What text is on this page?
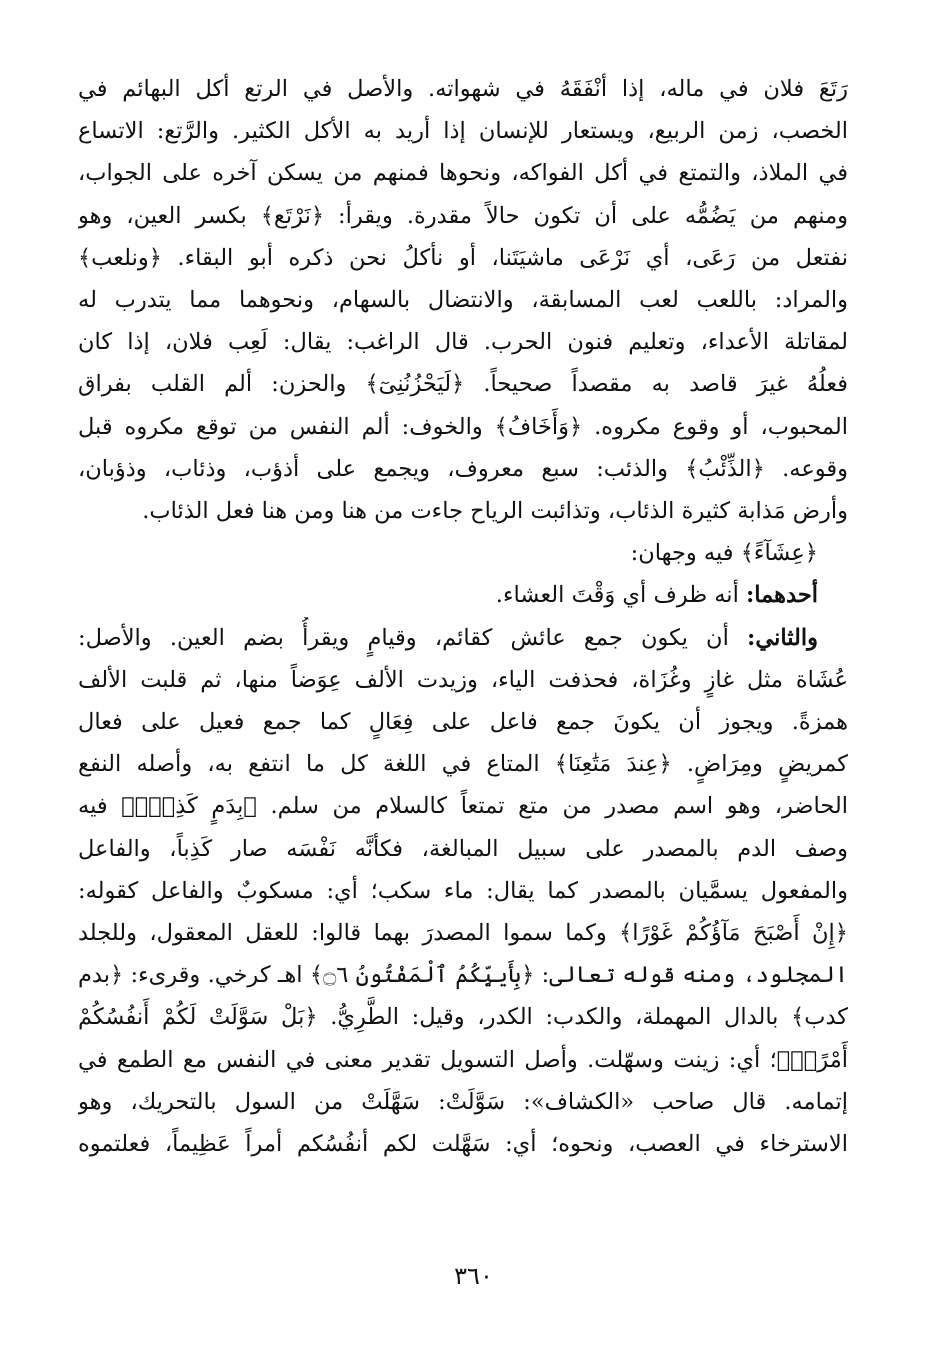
رَتَعَ فلان في ماله، إذا أنْفَقَهُ في شهواته. والأصل في الرتع أكل البهائم في
الخصب، زمن الربيع، ويستعار للإنسان إذا أريد به الأكل الكثير. والرَّتع: الاتساع
في الملاذ، والتمتع في أكل الفواكه، ونحوها فمنهم من يسكن آخره على الجواب،
ومنهم من يَضُمُّه على أن تكون حالاً مقدرة. ويقرأ: ﴿نَرْتَع﴾ بكسر العين، وهو
نفتعل من رَعَى، أي نَرْعَى ماشيَتَنا، أو نأكلُ نحن ذكره أبو البقاء. ﴿ونلعب﴾
والمراد: باللعب لعب المسابقة، والانتضال بالسهام، ونحوهما مما يتدرب له
لمقاتلة الأعداء، وتعليم فنون الحرب. قال الراغب: يقال: لَعِب فلان، إذا كان
فعلُهُ غيرَ قاصد به مقصداً صحيحاً. ﴿لَيَحْزُنُنِىٓ﴾ والحزن: ألم القلب بفراق
المحبوب، أو وقوع مكروه. ﴿وَأَخَافُ﴾ والخوف: ألم النفس من توقع مكروه قبل
وقوعه. ﴿الذِّئْبُ﴾ والذئب: سبع معروف، ويجمع على أذؤب، وذئاب، وذؤبان،
وأرض مَذابة كثيرة الذئاب، وتذائبت الرياح جاءت من هنا ومن هنا فعل الذئاب.
﴿عِشَآءً﴾ فيه وجهان:
أحدهما: أنه ظرف أي وَقْتَ العشاء.
والثاني: أن يكون جمع عائش كقائم، وقيامٍ ويقرأُ بضم العين. والأصل:
عُشَاة مثل غازٍ وغُزَاة، فحذفت الياء، وزيدت الألف عِوَضاً منها، ثم قلبت الألف
همزةً. ويجوز أن يكونَ جمع فاعل على فِعَالٍ كما جمع فعيل على فعال
كمريضٍ ومِرَاضٍ. ﴿عِندَ مَتَٰعِنَا﴾ المتاع في اللغة كل ما انتفع به، وأصله النفع
الحاضر، وهو اسم مصدر من متع تمتعاً كالسلام من سلم. ﴿بِدَمٍ كَذِبٍۚ﴾ فيه
وصف الدم بالمصدر على سبيل المبالغة، فكأنَّه نَفْسَه صار كَذِباً، والفاعل
والمفعول يسمَّيان بالمصدر كما يقال: ماء سكب؛ أي: مسكوبٌ والفاعل كقوله:
﴿إِنْ أَصْبَحَ مَآؤُكُمْ غَوْرًا﴾ وكما سموا المصدرَ بهما قالوا: للعقل المعقول، وللجلد
المجلود، ومنه قوله تعالى: ﴿بِأَييِّكُمُ ٱلْمَفْتُونُ ۝٦﴾ اهـ كرخي. وقرىء: ﴿بدم
كدب﴾ بالدال المهملة، والكدب: الكدر، وقيل: الطَّرِيُّ. ﴿بَلْ سَوَّلَتْ لَكُمْ أَنفُسُكُمْ
أَمْرًاۖ﴾؛ أي: زينت وسهّلت. وأصل التسويل تقدير معنى في النفس مع الطمع في
إتمامه. قال صاحب «الكشاف»: سَوَّلَتْ: سَهَّلَتْ من السول بالتحريك، وهو
الاسترخاء في العصب، ونحوه؛ أي: سَهَّلت لكم أنفُسُكم أمراً عَظِيماً، فعلتموه
٣٦٠
